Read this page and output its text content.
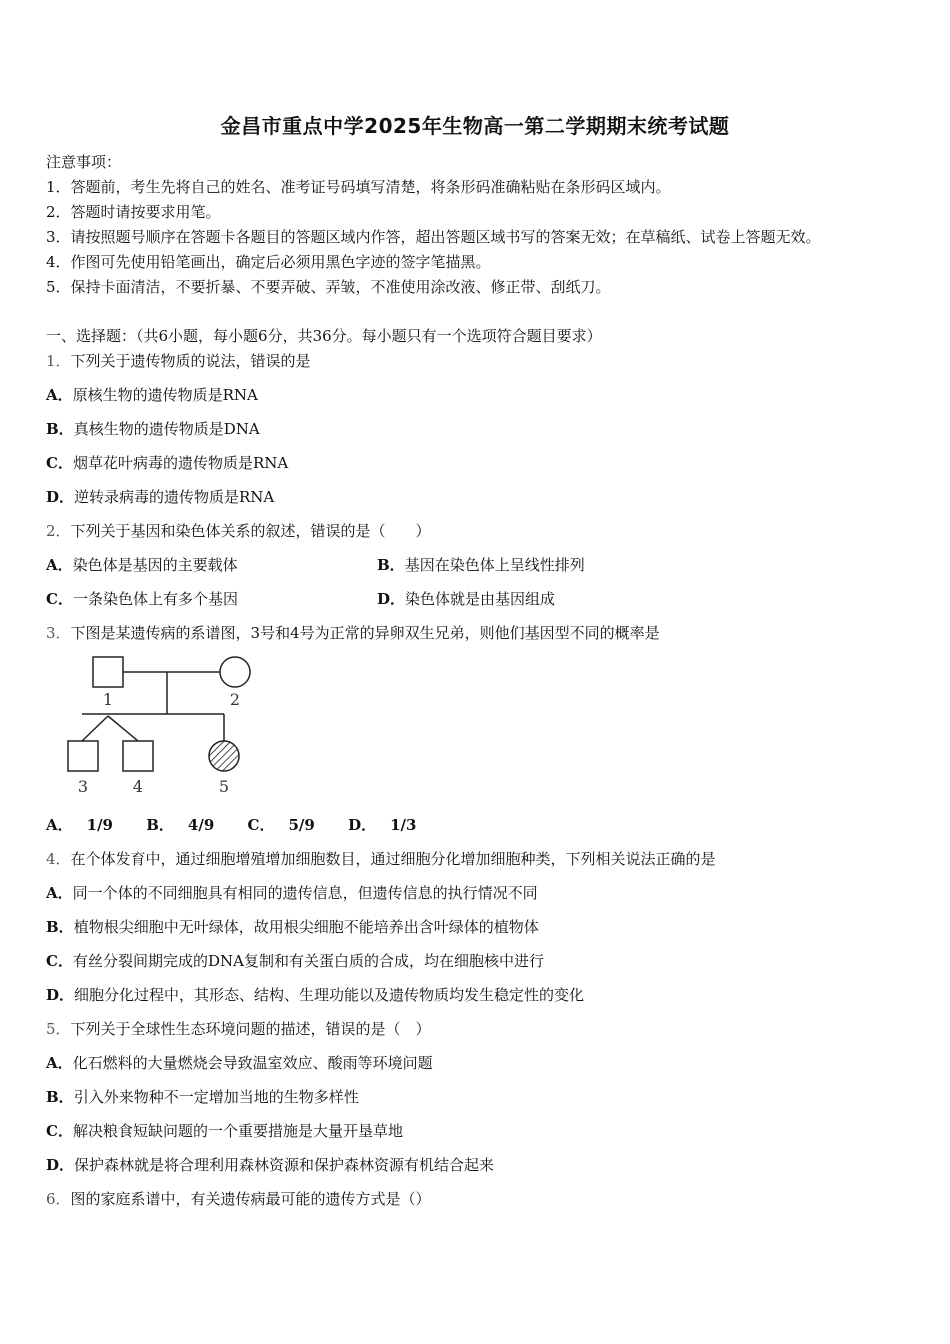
金昌市重点中学2025年生物高一第二学期期末统考试题
注意事项：
1．答题前，考生先将自己的姓名、准考证号码填写清楚，将条形码准确粘贴在条形码区域内。
2．答题时请按要求用笔。
3．请按照题号顺序在答题卡各题目的答题区域内作答，超出答题区域书写的答案无效；在草稿纸、试卷上答题无效。
4．作图可先使用铅笔画出，确定后必须用黑色字迹的签字笔描黑。
5．保持卡面清洁，不要折暴、不要弄破、弄皱，不准使用涂改液、修正带、刮纸刀。
一、选择题：（共6小题，每小题6分，共36分。每小题只有一个选项符合题目要求）
1．下列关于遗传物质的说法，错误的是
A．原核生物的遗传物质是RNA
B．真核生物的遗传物质是DNA
C．烟草花叶病毒的遗传物质是RNA
D．逆转录病毒的遗传物质是RNA
2．下列关于基因和染色体关系的叙述，错误的是（　　）
A．染色体是基因的主要载体	B．基因在染色体上呈线性排列
C．一条染色体上有多个基因	D．染色体就是由基因组成
3．下图是某遗传病的系谱图，3号和4号为正常的异卵双生兄弟，则他们基因型不同的概率是
1	2
3	4	5
A． 1/9 B． 4/9 C． 5/9 D． 1/3
4．在个体发育中，通过细胞增殖增加细胞数目，通过细胞分化增加细胞种类，下列相关说法正确的是
A．同一个体的不同细胞具有相同的遗传信息，但遗传信息的执行情况不同
B．植物根尖细胞中无叶绿体，故用根尖细胞不能培养出含叶绿体的植物体
C．有丝分裂间期完成的DNA复制和有关蛋白质的合成，均在细胞核中进行
D．细胞分化过程中，其形态、结构、生理功能以及遗传物质均发生稳定性的变化
5．下列关于全球性生态环境问题的描述，错误的是（　）
A．化石燃料的大量燃烧会导致温室效应、酸雨等环境问题
B．引入外来物种不一定增加当地的生物多样性
C．解决粮食短缺问题的一个重要措施是大量开垦草地
D．保护森林就是将合理利用森林资源和保护森林资源有机结合起来
6．图的家庭系谱中，有关遗传病最可能的遗传方式是（）
